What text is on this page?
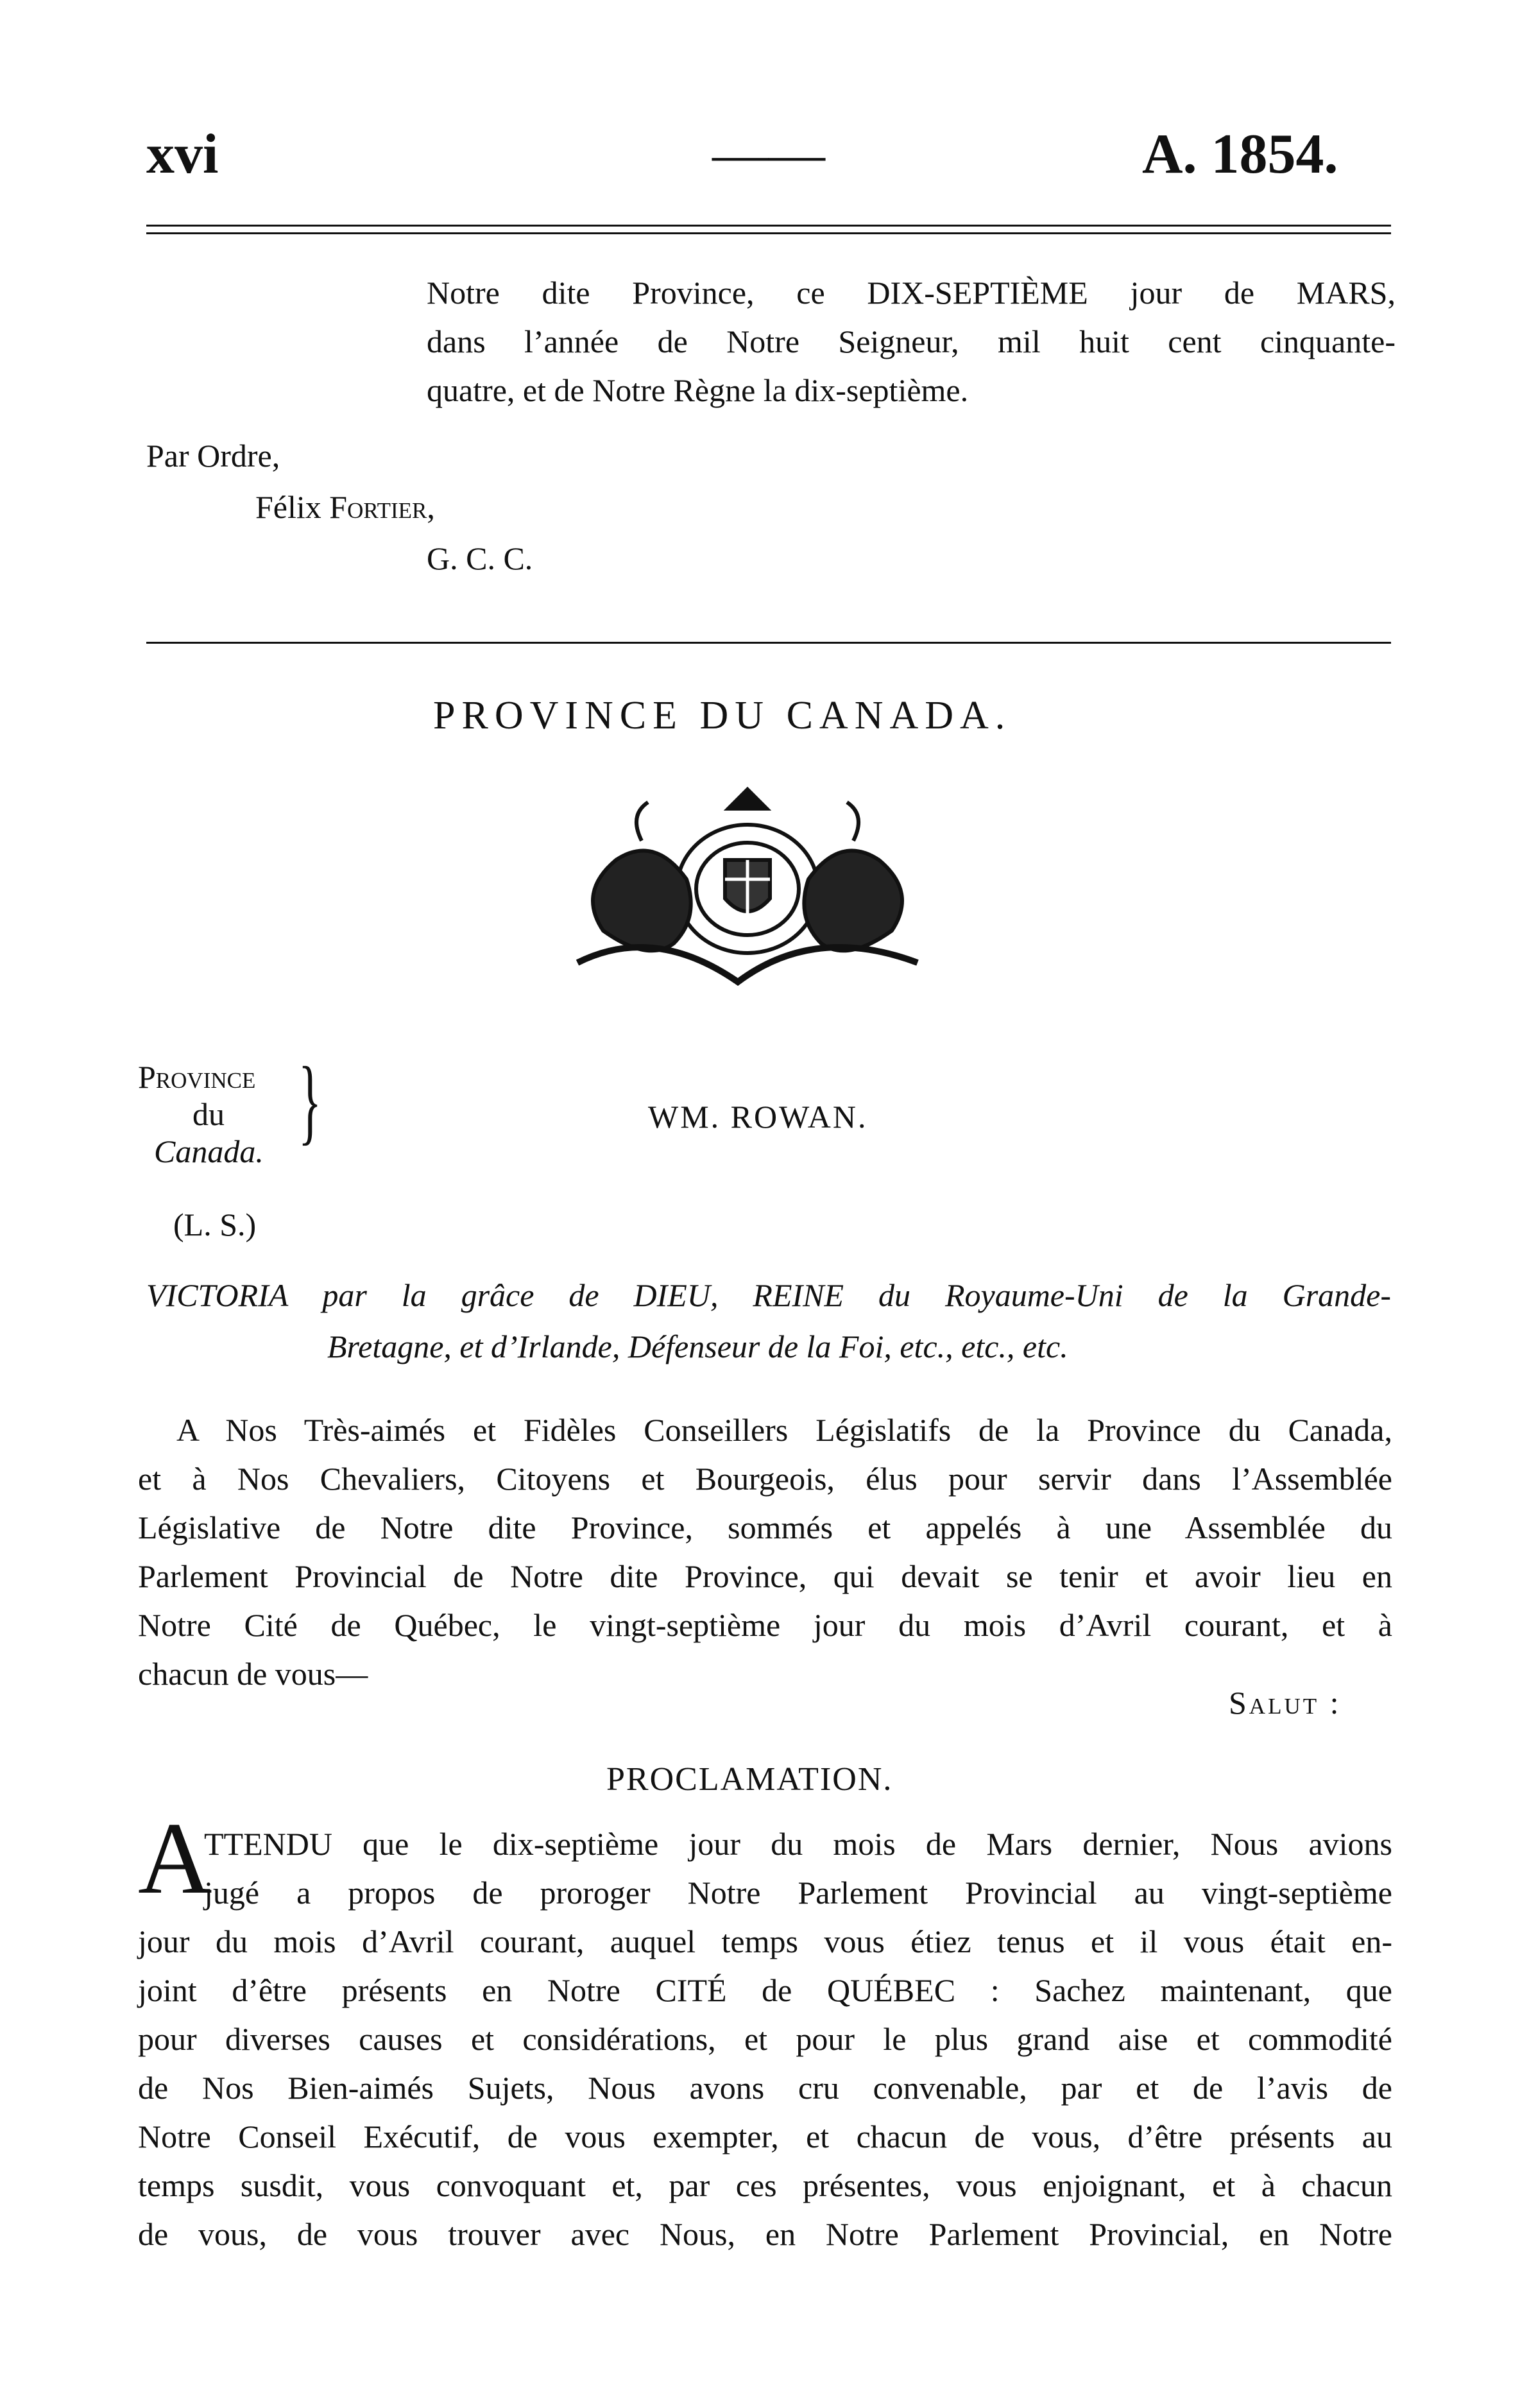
xvi	——	A. 1854.
Notre dite Province, ce DIX-SEPTIÈME jour de MARS,
dans l’année de Notre Seigneur, mil huit cent cinquante-
quatre, et de Notre Règne la dix-septième.
Par Ordre,
Félix Fortier,
G. C. C.
PROVINCE DU CANADA.
Province
du
Canada. }
(L. S.)
WM. ROWAN.
VICTORIA par la grâce de DIEU, REINE du Royaume-Uni de la Grande-
Bretagne, et d’Irlande, Défenseur de la Foi, etc., etc., etc.
A Nos Très-aimés et Fidèles Conseillers Législatifs de la Province du Canada,
et à Nos Chevaliers, Citoyens et Bourgeois, élus pour servir dans l’Assemblée
Législative de Notre dite Province, sommés et appelés à une Assemblée du
Parlement Provincial de Notre dite Province, qui devait se tenir et avoir lieu en
Notre Cité de Québec, le vingt-septième jour du mois d’Avril courant, et à
chacun de vous—
Salut :
PROCLAMATION.
A
TTENDU que le dix-septième jour du mois de Mars dernier, Nous avions
jugé a propos de proroger Notre Parlement Provincial au vingt-septième
jour du mois d’Avril courant, auquel temps vous étiez tenus et il vous était en-
joint d’être présents en Notre CITÉ de QUÉBEC : Sachez maintenant, que
pour diverses causes et considérations, et pour le plus grand aise et commodité
de Nos Bien-aimés Sujets, Nous avons cru convenable, par et de l’avis de
Notre Conseil Exécutif, de vous exempter, et chacun de vous, d’être présents au
temps susdit, vous convoquant et, par ces présentes, vous enjoignant, et à chacun
de vous, de vous trouver avec Nous, en Notre Parlement Provincial, en Notre
